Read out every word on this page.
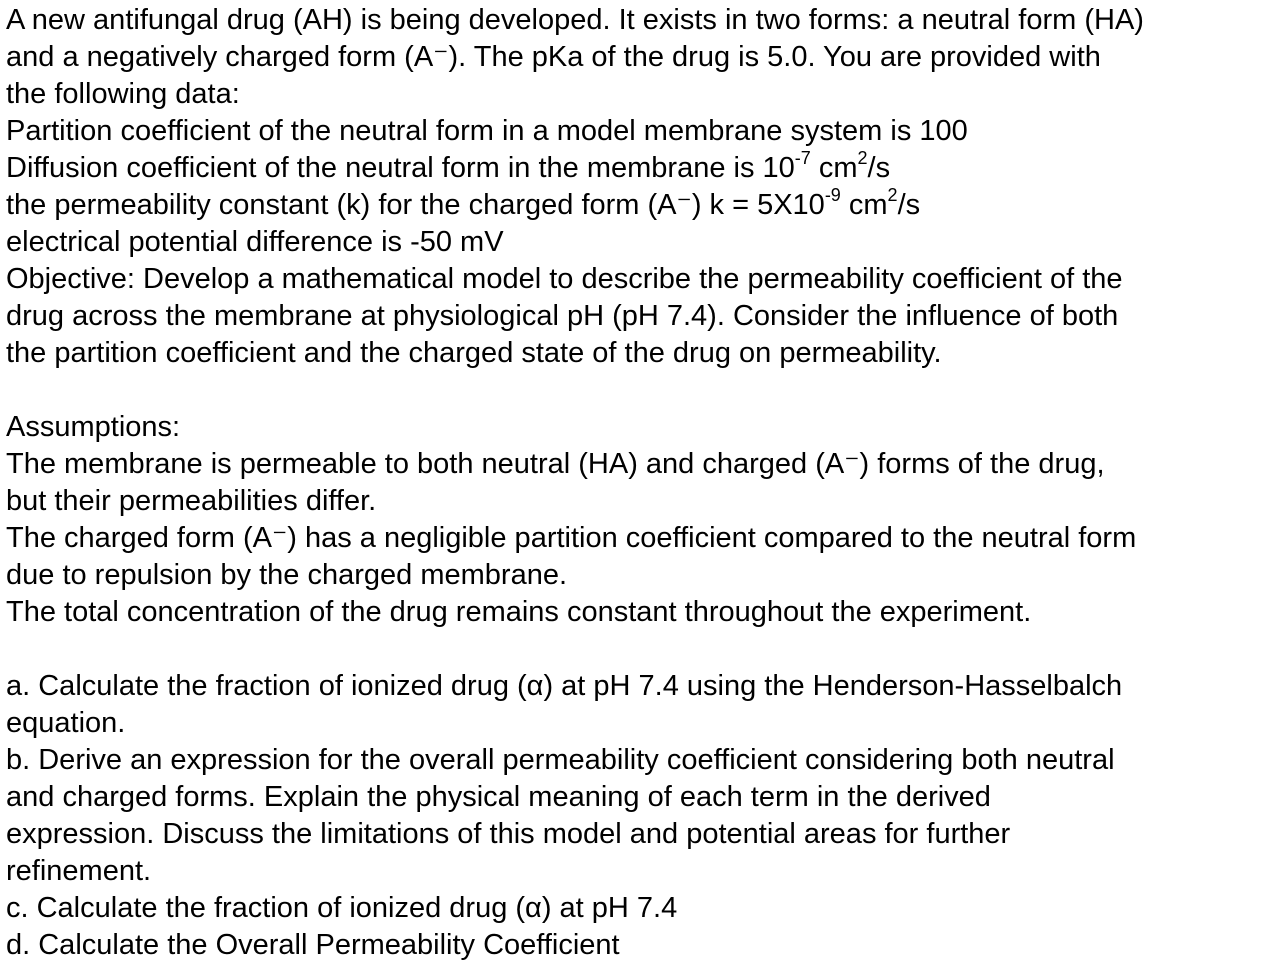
A new antifungal drug (AH) is being developed. It exists in two forms: a neutral form (HA)

and a negatively charged form (A⁻). The pKa of the drug is 5.0. You are provided with

the following data:

Partition coefficient of the neutral form in a model membrane system is 100

Diffusion coefficient of the neutral form in the membrane is $10^{-7}$ $cm^2/s$

the permeability constant (k) for the charged form (A⁻) $k = 5X10^{-9}$ $cm^2/s$

electrical potential difference is -50 mV

Objective: Develop a mathematical model to describe the permeability coefficient of the

drug across the membrane at physiological pH (pH 7.4). Consider the influence of both

the partition coefficient and the charged state of the drug on permeability.

Assumptions:

The membrane is permeable to both neutral (HA) and charged (A⁻) forms of the drug,

but their permeabilities differ.

The charged form (A⁻) has a negligible partition coefficient compared to the neutral form

due to repulsion by the charged membrane.

The total concentration of the drug remains constant throughout the experiment.

a. Calculate the fraction of ionized drug (α) at pH 7.4 using the Henderson-Hasselbalch

equation.

b. Derive an expression for the overall permeability coefficient considering both neutral

and charged forms. Explain the physical meaning of each term in the derived

expression. Discuss the limitations of this model and potential areas for further

refinement.

c. Calculate the fraction of ionized drug (α) at pH 7.4

d. Calculate the Overall Permeability Coefficient
